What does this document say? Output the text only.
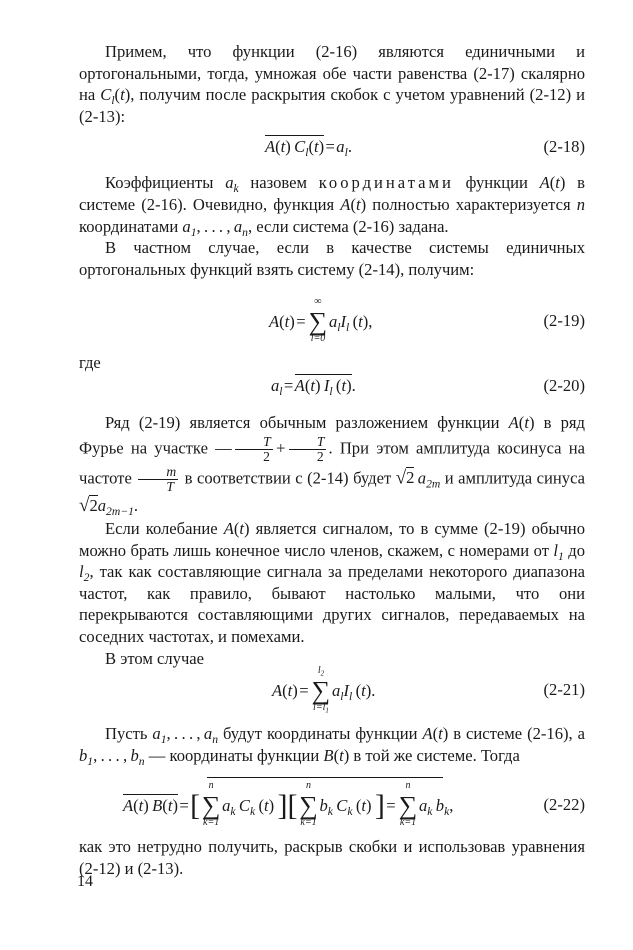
Примем, что функции (2-16) являются единичными и ортогональными, тогда, умножая обе части равенства (2-17) скалярно на $C_l(t)$, получим после раскрытия скобок с учетом уравнений (2-12) и (2-13):

A(t) $C_l(t)$ = $a_l$.	(2-18)

Коэффициенты $a_k$ назовем координатами функции A(t) в системе (2-16). Очевидно, функция A(t) полностью характеризуется n координатами $a_1$, . . . , $a_n$, если система (2-16) задана.

В частном случае, если в качестве системы единичных ортогональных функций взять систему (2-14), получим:

A(t) = 
∞
∑
l=0
$a_lI_l$ (t),	(2-19)

где

$a_l$ = A(t) $I_l$ (t).	(2-20)

Ряд (2-19) является обычным разложением функции A(t) в ряд Фурье на участке —  $\frac{T}{2}$  +  $\frac{T}{2}$ . При этом амплитуда косинуса на частоте $\frac{m}{T}$ в соответствии с (2-14) будет √2  $a_{2m}$ и амплитуда синуса $√2a_{2m-1}$.

Если колебание A(t) является сигналом, то в сумме (2-19) обычно можно брать лишь конечное число членов, скажем, с номерами от $l_1$ до $l_2$, так как составляющие сигнала за пределами некоторого диапазона частот, как правило, бывают настолько малыми, что они перекрываются составляющими других сигналов, передаваемых на соседних частотах, и помехами.

В этом случае

A(t) = 
$l_2$
∑
$l=l_1$
$a_lI_l$ (t).	(2-21)

Пусть $a_1$, . . . , $a_n$ будут координаты функции A(t) в системе (2-16), а $b_1$, . . . , $b_n$ — координаты функции B(t) в той же системе. Тогда

A(t) B(t) = [
n
∑
k=1
$a_k$  $C_k$ (t) ][
n
∑
k=1
$b_k$  $C_k$ (t) ] = 
n
∑
k=1
$a_k$  $b_k$,	(2-22)

как это нетрудно получить, раскрыв скобки и использовав уравнения (2-12) и (2-13).

14
